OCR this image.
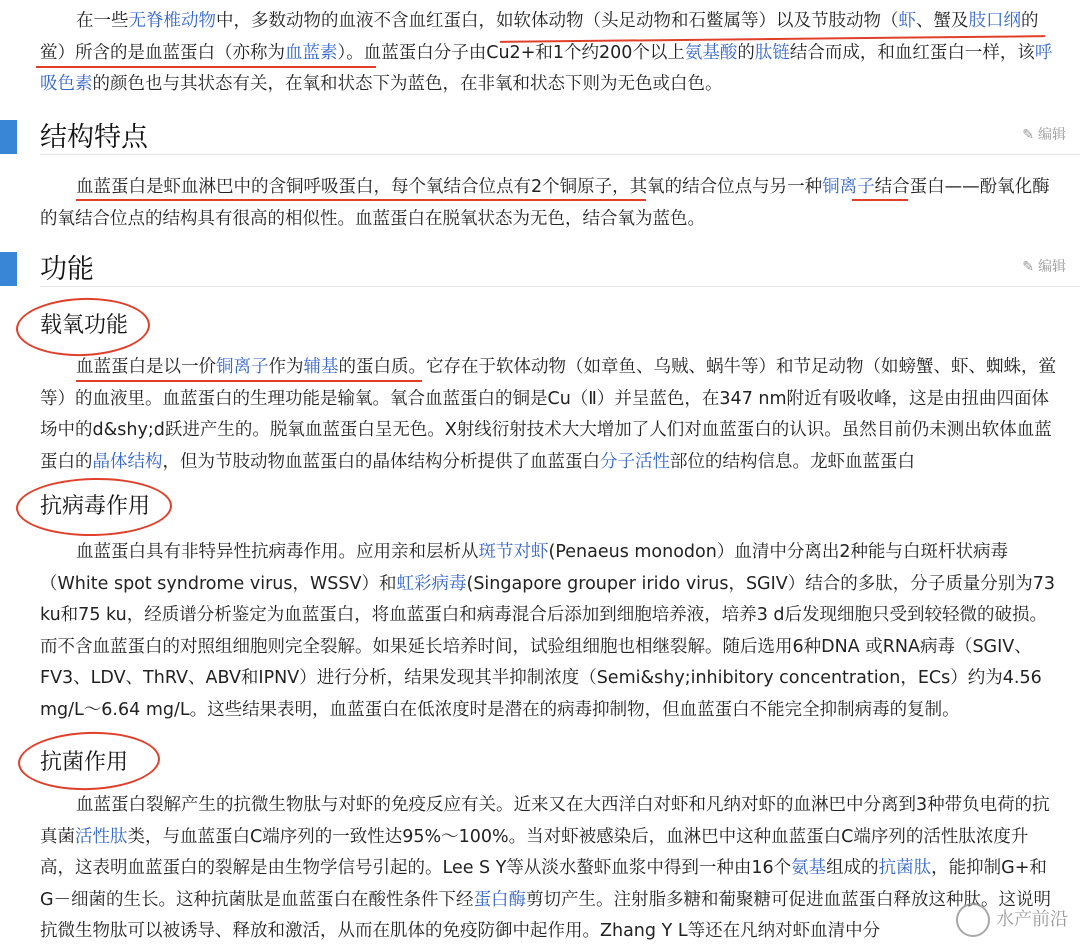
在一些无脊椎动物中，多数动物的血液不含血红蛋白，如软体动物（头足动物和石鳖属等）以及节肢动物（虾、蟹及肢口纲的鲎）所含的是血蓝蛋白（亦称为血蓝素）。血蓝蛋白分子由Cu2+和1个约200个以上氨基酸的肽链结合而成，和血红蛋白一样，该呼吸色素的颜色也与其状态有关，在氧和状态下为蓝色，在非氧和状态下则为无色或白色。
结构特点	✎ 编辑
血蓝蛋白是虾血淋巴中的含铜呼吸蛋白，每个氧结合位点有2个铜原子，其氧的结合位点与另一种铜离子结合蛋白——酚氧化酶的氧结合位点的结构具有很高的相似性。血蓝蛋白在脱氧状态为无色，结合氧为蓝色。
功能	✎ 编辑
载氧功能
血蓝蛋白是以一价铜离子作为辅基的蛋白质。它存在于软体动物（如章鱼、乌贼、蜗牛等）和节足动物（如螃蟹、虾、蜘蛛，鲎等）的血液里。血蓝蛋白的生理功能是输氧。氧合血蓝蛋白的铜是Cu（Ⅱ）并呈蓝色，在347 nm附近有吸收峰，这是由扭曲四面体场中的d&shy;d跃进产生的。脱氧血蓝蛋白呈无色。X射线衍射技术大大增加了人们对血蓝蛋白的认识。虽然目前仍未测出软体血蓝蛋白的晶体结构，但为节肢动物血蓝蛋白的晶体结构分析提供了血蓝蛋白分子活性部位的结构信息。龙虾血蓝蛋白
抗病毒作用
血蓝蛋白具有非特异性抗病毒作用。应用亲和层析从斑节对虾(Penaeus monodon）血清中分离出2种能与白斑杆状病毒（White spot syndrome virus，WSSV）和虹彩病毒(Singapore grouper irido virus，SGIⅤ）结合的多肽，分子质量分别为73 ku和75 ku，经质谱分析鉴定为血蓝蛋白，将血蓝蛋白和病毒混合后添加到细胞培养液，培养3 d后发现细胞只受到较轻微的破损。而不含血蓝蛋白的对照组细胞则完全裂解。如果延长培养时间，试验组细胞也相继裂解。随后选用6种DNA 或RNA病毒（SGIⅤ、FV3、LDV、ThRV、ABV和IPNV）进行分析，结果发现其半抑制浓度（Semi&shy;inhibitory concentration，ECs）约为4.56 mg/L～6.64 mg/L。这些结果表明，血蓝蛋白在低浓度时是潜在的病毒抑制物，但血蓝蛋白不能完全抑制病毒的复制。
抗菌作用
血蓝蛋白裂解产生的抗微生物肽与对虾的免疫反应有关。近来又在大西洋白对虾和凡纳对虾的血淋巴中分离到3种带负电荷的抗真菌活性肽类，与血蓝蛋白C端序列的一致性达95%～100%。当对虾被感染后，血淋巴中这种血蓝蛋白C端序列的活性肽浓度升高，这表明血蓝蛋白的裂解是由生物学信号引起的。Lee S Y等从淡水螯虾血浆中得到一种由16个氨基组成的抗菌肽，能抑制G+和G－细菌的生长。这种抗菌肽是血蓝蛋白在酸性条件下经蛋白酶剪切产生。注射脂多糖和葡聚糖可促进血蓝蛋白释放这种肽。这说明抗微生物肽可以被诱导、释放和激活，从而在肌体的免疫防御中起作用。Zhang Y L等还在凡纳对虾血清中分
水产前沿
